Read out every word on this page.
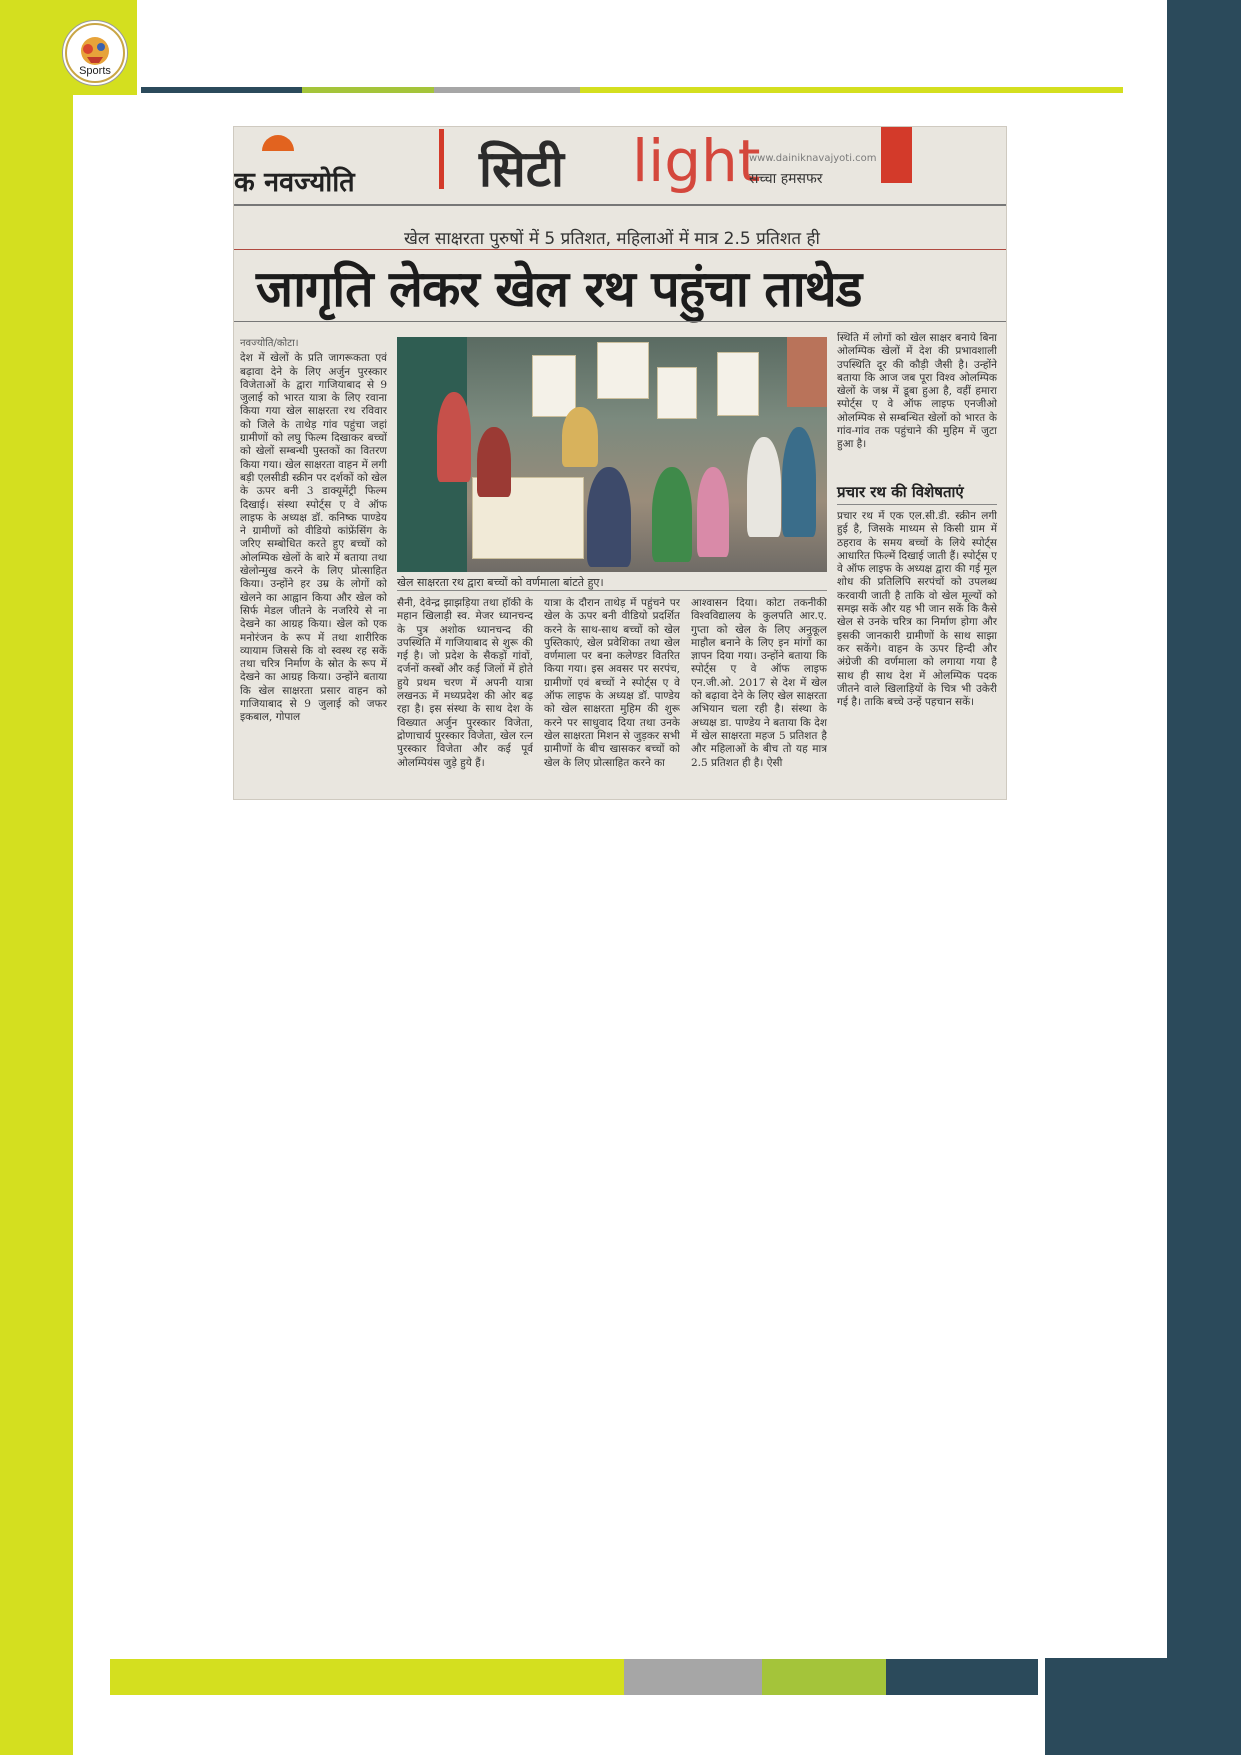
Sports
क नवज्योति सिटी light
www.dainiknavajyoti.com
सच्चा हमसफर
खेल साक्षरता पुरुषों में 5 प्रतिशत, महिलाओं में मात्र 2.5 प्रतिशत ही
जागृति लेकर खेल रथ पहुंचा ताथेड
खेल साक्षरता रथ द्वारा बच्चों को वर्णमाला बांटते हुए।
नवज्योति/कोटा।
देश में खेलों के प्रति जागरूकता एवं बढ़ावा देने के लिए अर्जुन पुरस्कार विजेताओं के द्वारा गाजियाबाद से 9 जुलाई को भारत यात्रा के लिए रवाना किया गया खेल साक्षरता रथ रविवार को जिले के ताथेड़ गांव पहुंचा जहां ग्रामीणों को लघु फिल्म दिखाकर बच्चों को खेलों सम्बन्धी पुस्तकों का वितरण किया गया। खेल साक्षरता वाहन में लगी बड़ी एलसीडी स्क्रीन पर दर्शकों को खेल के ऊपर बनी 3 डाक्यूमेंट्री फिल्म दिखाई। संस्था स्पोर्ट्स ए वे ऑफ लाइफ के अध्यक्ष डॉ. कनिष्क पाण्डेय ने ग्रामीणों को वीडियो कांफ्रेंसिंग के जरिए सम्बोधित करते हुए बच्चों को ओलम्पिक खेलों के बारे में बताया तथा खेलोन्मुख करने के लिए प्रोत्साहित किया। उन्होंने हर उम्र के लोगों को खेलने का आह्वान किया और खेल को सिर्फ मेडल जीतने के नजरिये से ना देखने का आग्रह किया। खेल को एक मनोरंजन के रूप में तथा शारीरिक व्यायाम जिससे कि वो स्वस्थ रह सकें तथा चरित्र निर्माण के स्रोत के रूप में देखने का आग्रह किया। उन्होंने बताया कि खेल साक्षरता प्रसार वाहन को गाजियाबाद से 9 जुलाई को जफर इकबाल, गोपाल
सैनी, देवेन्द्र झाझड़िया तथा हॉकी के महान खिलाड़ी स्व. मेजर ध्यानचन्द के पुत्र अशोक ध्यानचन्द की उपस्थिति में गाजियाबाद से शुरू की गई है। जो प्रदेश के सैकड़ों गांवों, दर्जनों कस्बों और कई जिलों में होते हुये प्रथम चरण में अपनी यात्रा लखनऊ में मध्यप्रदेश की ओर बढ़ रहा है। इस संस्था के साथ देश के विख्यात अर्जुन पुरस्कार विजेता, द्रोणाचार्य पुरस्कार विजेता, खेल रत्न पुरस्कार विजेता और कई पूर्व ओलम्पियंस जुड़े हुये हैं।
यात्रा के दौरान ताथेड़ में पहुंचने पर खेल के ऊपर बनी वीडियो प्रदर्शित करने के साथ-साथ बच्चों को खेल पुस्तिकाएं, खेल प्रवेशिका तथा खेल वर्णमाला पर बना कलेण्डर वितरित किया गया। इस अवसर पर सरपंच, ग्रामीणों एवं बच्चों ने स्पोर्ट्स ए वे ऑफ लाइफ के अध्यक्ष डॉ. पाण्डेय को खेल साक्षरता मुहिम की शुरू करने पर साधुवाद दिया तथा उनके खेल साक्षरता मिशन से जुड़कर सभी ग्रामीणों के बीच खासकर बच्चों को खेल के लिए प्रोत्साहित करने का
आश्वासन दिया। कोटा तकनीकी विश्वविद्यालय के कुलपति आर.ए. गुप्ता को खेल के लिए अनुकूल माहौल बनाने के लिए इन मांगों का ज्ञापन दिया गया। उन्होंने बताया कि स्पोर्ट्स ए वे ऑफ लाइफ एन.जी.ओ. 2017 से देश में खेल को बढ़ावा देने के लिए खेल साक्षरता अभियान चला रही है। संस्था के अध्यक्ष डा. पाण्डेय ने बताया कि देश में खेल साक्षरता महज 5 प्रतिशत है और महिलाओं के बीच तो यह मात्र 2.5 प्रतिशत ही है। ऐसी
स्थिति में लोगों को खेल साक्षर बनाये बिना ओलम्पिक खेलों में देश की प्रभावशाली उपस्थिति दूर की कौड़ी जैसी है। उन्होंने बताया कि आज जब पूरा विश्व ओलम्पिक खेलों के जश्न में डूबा हुआ है, वहीं हमारा स्पोर्ट्स ए वे ऑफ लाइफ एनजीओ ओलम्पिक से सम्बन्धित खेलों को भारत के गांव-गांव तक पहुंचाने की मुहिम में जुटा हुआ है।
प्रचार रथ की विशेषताएं
प्रचार रथ में एक एल.सी.डी. स्क्रीन लगी हुई है, जिसके माध्यम से किसी ग्राम में ठहराव के समय बच्चों के लिये स्पोर्ट्स आधारित फिल्में दिखाई जाती हैं। स्पोर्ट्स ए वे ऑफ लाइफ के अध्यक्ष द्वारा की गई मूल शोध की प्रतिलिपि सरपंचों को उपलब्ध करवायी जाती है ताकि वो खेल मूल्यों को समझ सकें और यह भी जान सकें कि कैसे खेल से उनके चरित्र का निर्माण होगा और इसकी जानकारी ग्रामीणों के साथ साझा कर सकेंगे। वाहन के ऊपर हिन्दी और अंग्रेजी की वर्णमाला को लगाया गया है साथ ही साथ देश में ओलम्पिक पदक जीतने वाले खिलाड़ियों के चित्र भी उकेरी गई है। ताकि बच्चे उन्हें पहचान सकें।
